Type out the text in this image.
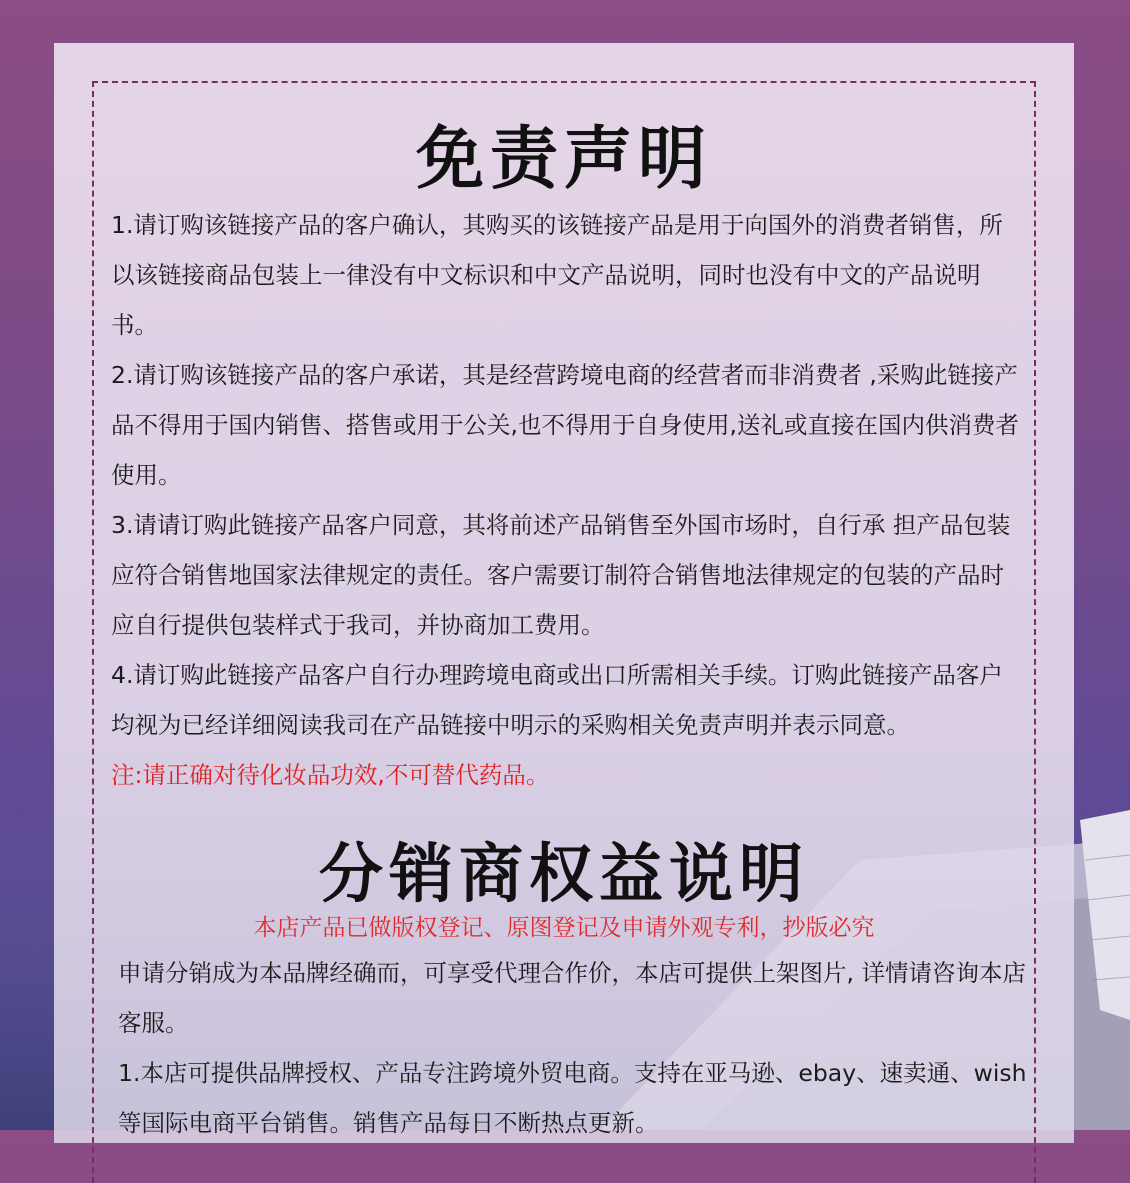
免责声明

1.请订购该链接产品的客户确认，其购买的该链接产品是用于向国外的消费者销售，所以该链接商品包装上一律没有中文标识和中文产品说明，同时也没有中文的产品说明书。

2.请订购该链接产品的客户承诺，其是经营跨境电商的经营者而非消费者 ,采购此链接产品不得用于国内销售、搭售或用于公关,也不得用于自身使用,送礼或直接在国内供消费者使用。

3.请请订购此链接产品客户同意，其将前述产品销售至外国市场时，自行承 担产品包装应符合销售地国家法律规定的责任。客户需要订制符合销售地法律规定的包装的产品时应自行提供包装样式于我司，并协商加工费用。

4.请订购此链接产品客户自行办理跨境电商或出口所需相关手续。订购此链接产品客户均视为已经详细阅读我司在产品链接中明示的采购相关免责声明并表示同意。

注:请正确对待化妆品功效,不可替代药品。

分销商权益说明
本店产品已做版权登记、原图登记及申请外观专利，抄版必究

申请分销成为本品牌经确而，可享受代理合作价，本店可提供上架图片, 详情请咨询本店客服。

1.本店可提供品牌授权、产品专注跨境外贸电商。支持在亚马逊、ebay、速卖通、wish等国际电商平台销售。销售产品每日不断热点更新。
